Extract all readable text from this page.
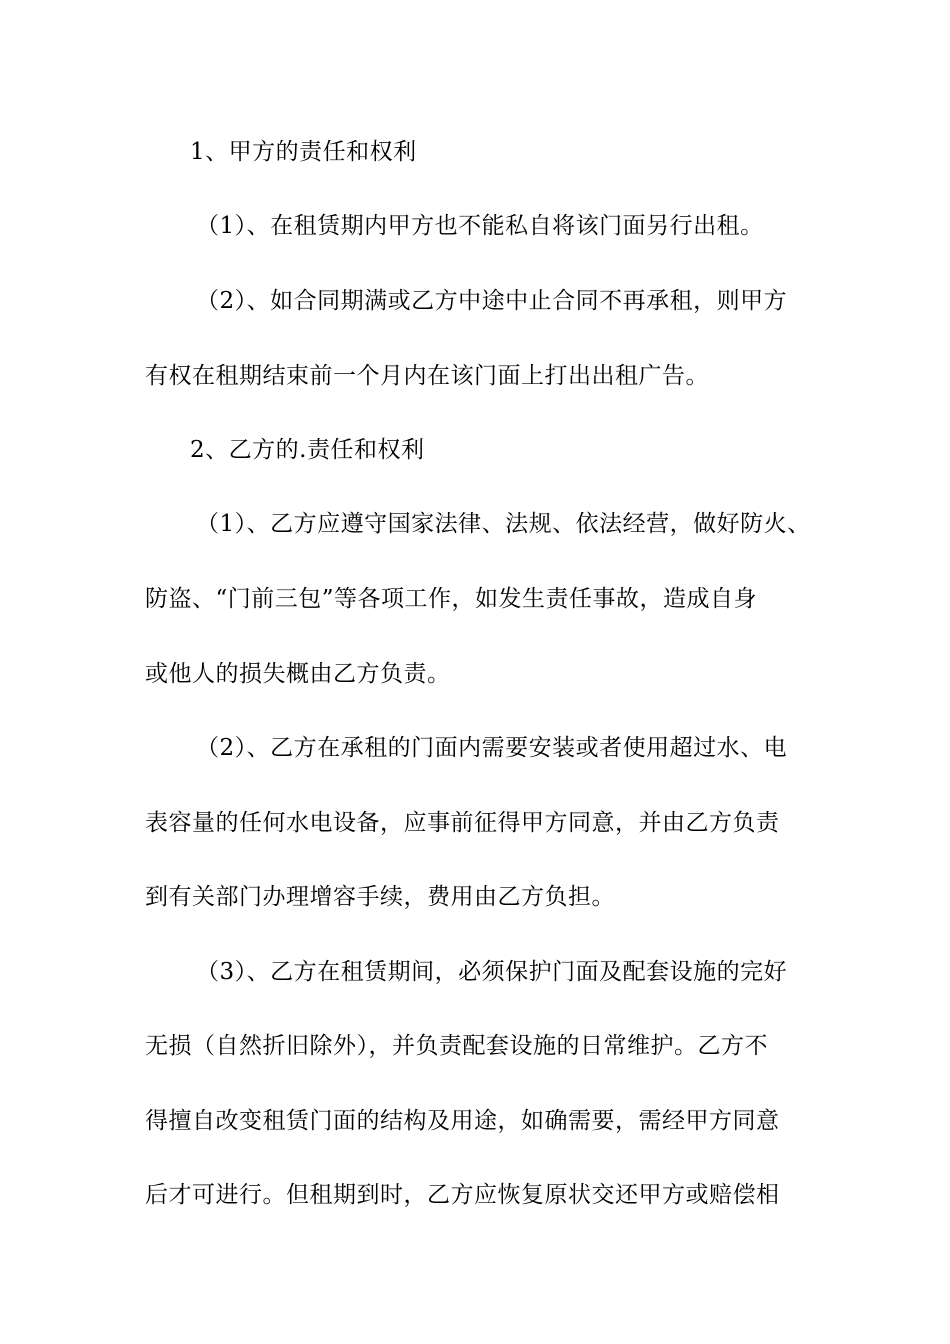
1、甲方的责任和权利
（1）、在租赁期内甲方也不能私自将该门面另行出租。
（2）、如合同期满或乙方中途中止合同不再承租，则甲方
有权在租期结束前一个月内在该门面上打出出租广告。
2、乙方的.责任和权利
（1）、乙方应遵守国家法律、法规、依法经营，做好防火、
防盗、“门前三包”等各项工作，如发生责任事故，造成自身
或他人的损失概由乙方负责。
（2）、乙方在承租的门面内需要安装或者使用超过水、电
表容量的任何水电设备，应事前征得甲方同意，并由乙方负责
到有关部门办理增容手续，费用由乙方负担。
（3）、乙方在租赁期间，必须保护门面及配套设施的完好
无损（自然折旧除外），并负责配套设施的日常维护。乙方不
得擅自改变租赁门面的结构及用途，如确需要，需经甲方同意
后才可进行。但租期到时，乙方应恢复原状交还甲方或赔偿相
